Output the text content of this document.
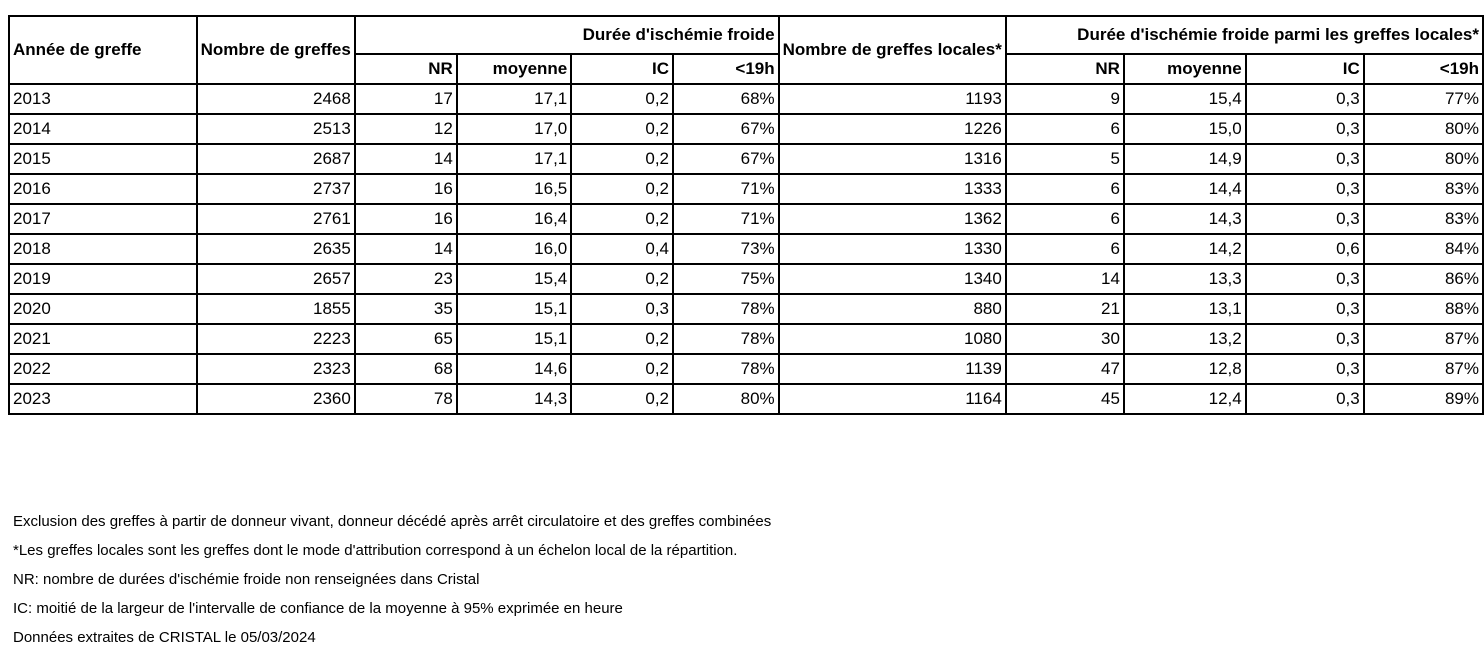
Année de greffe	Nombre de greffes	Durée d'ischémie froide				Nombre de greffes locales*	Durée d'ischémie froide parmi les greffes locales*			
		NR	moyenne	IC	<19h		NR	moyenne	IC	<19h
2013	2468	17	17,1	0,2	68%	1193	9	15,4	0,3	77%
2014	2513	12	17,0	0,2	67%	1226	6	15,0	0,3	80%
2015	2687	14	17,1	0,2	67%	1316	5	14,9	0,3	80%
2016	2737	16	16,5	0,2	71%	1333	6	14,4	0,3	83%
2017	2761	16	16,4	0,2	71%	1362	6	14,3	0,3	83%
2018	2635	14	16,0	0,4	73%	1330	6	14,2	0,6	84%
2019	2657	23	15,4	0,2	75%	1340	14	13,3	0,3	86%
2020	1855	35	15,1	0,3	78%	880	21	13,1	0,3	88%
2021	2223	65	15,1	0,2	78%	1080	30	13,2	0,3	87%
2022	2323	68	14,6	0,2	78%	1139	47	12,8	0,3	87%
2023	2360	78	14,3	0,2	80%	1164	45	12,4	0,3	89%
Exclusion des greffes à partir de donneur vivant, donneur décédé après arrêt circulatoire et des greffes combinées
*Les greffes locales sont les greffes dont le mode d'attribution correspond à un échelon local de la répartition.
NR: nombre de durées d'ischémie froide non renseignées dans Cristal
IC: moitié de la largeur de l'intervalle de confiance de la moyenne à 95% exprimée en heure
Données extraites de CRISTAL le 05/03/2024
